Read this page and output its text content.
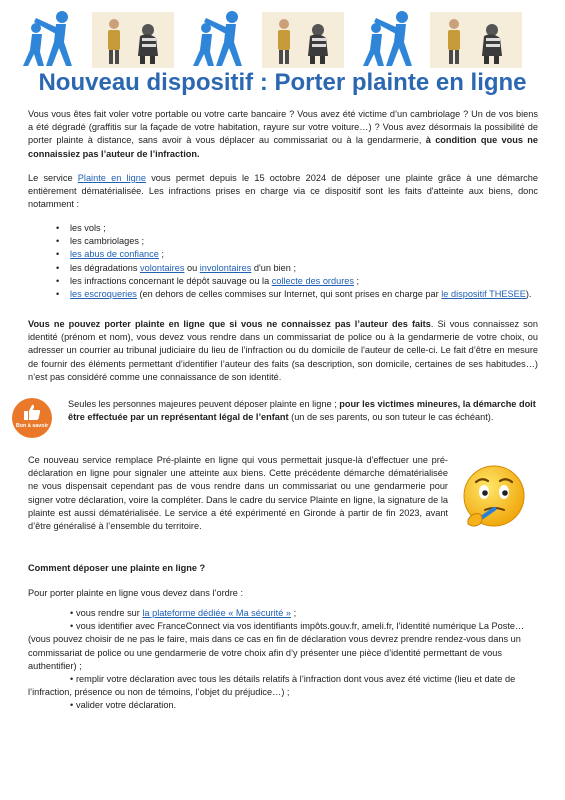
Nouveau dispositif : Porter plainte en ligne

Vous vous êtes fait voler votre portable ou votre carte bancaire ? Vous avez été victime d’un cambriolage ? Un de vos biens a été dégradé (graffitis sur la façade de votre habitation, rayure sur votre voiture…) ? Vous avez désormais la possibilité de porter plainte à distance, sans avoir à vous déplacer au commissariat ou à la gendarmerie, à condition que vous ne connaissiez pas l’auteur de l’infraction.

Le service Plainte en ligne vous permet depuis le 15 octobre 2024 de déposer une plainte grâce à une démarche entièrement dématérialisée. Les infractions prises en charge via ce dispositif sont les faits d'atteinte aux biens, donc notamment :

• les vols ;
• les cambriolages ;
• les abus de confiance ;
• les dégradations volontaires ou involontaires d'un bien ;
• les infractions concernant le dépôt sauvage ou la collecte des ordures ;
• les escroqueries (en dehors de celles commises sur Internet, qui sont prises en charge par le dispositif THESEE).

Vous ne pouvez porter plainte en ligne que si vous ne connaissez pas l’auteur des faits. Si vous connaissez son identité (prénom et nom), vous devez vous rendre dans un commissariat de police ou à la gendarmerie de votre choix, ou adresser un courrier au tribunal judiciaire du lieu de l’infraction ou du domicile de l'auteur de celle-ci. Le fait d’être en mesure de fournir des éléments permettant d’identifier l’auteur des faits (sa description, son domicile, certaines de ses habitudes…) n’est pas considéré comme une connaissance de son identité.

Bon à savoir

Seules les personnes majeures peuvent déposer plainte en ligne ; pour les victimes mineures, la démarche doit être effectuée par un représentant légal de l’enfant (un de ses parents, ou son tuteur le cas échéant).

Ce nouveau service remplace Pré-plainte en ligne qui vous permettait jusque-là d'effectuer une pré-déclaration en ligne pour signaler une atteinte aux biens. Cette précédente démarche dématérialisée ne vous dispensait cependant pas de vous rendre dans un commissariat ou une gendarmerie pour signer votre déclaration, voire la compléter. Dans le cadre du service Plainte en ligne, la signature de la plainte est aussi dématérialisée. Le service a été expérimenté en Gironde à partir de fin 2023, avant d’être généralisé à l’ensemble du territoire.

Comment déposer une plainte en ligne ?

Pour porter plainte en ligne vous devez dans l’ordre :

• vous rendre sur la plateforme dédiée « Ma sécurité » ;
• vous identifier avec FranceConnect via vos identifiants impôts.gouv.fr, ameli.fr, l’identité numérique La Poste… (vous pouvez choisir de ne pas le faire, mais dans ce cas en fin de déclaration vous devrez prendre rendez-vous dans un commissariat de police ou une gendarmerie de votre choix afin d’y présenter une pièce d’identité permettant de vous authentifier) ;
• remplir votre déclaration avec tous les détails relatifs à l’infraction dont vous avez été victime (lieu et date de l’infraction, présence ou non de témoins, l’objet du préjudice…) ;
• valider votre déclaration.
